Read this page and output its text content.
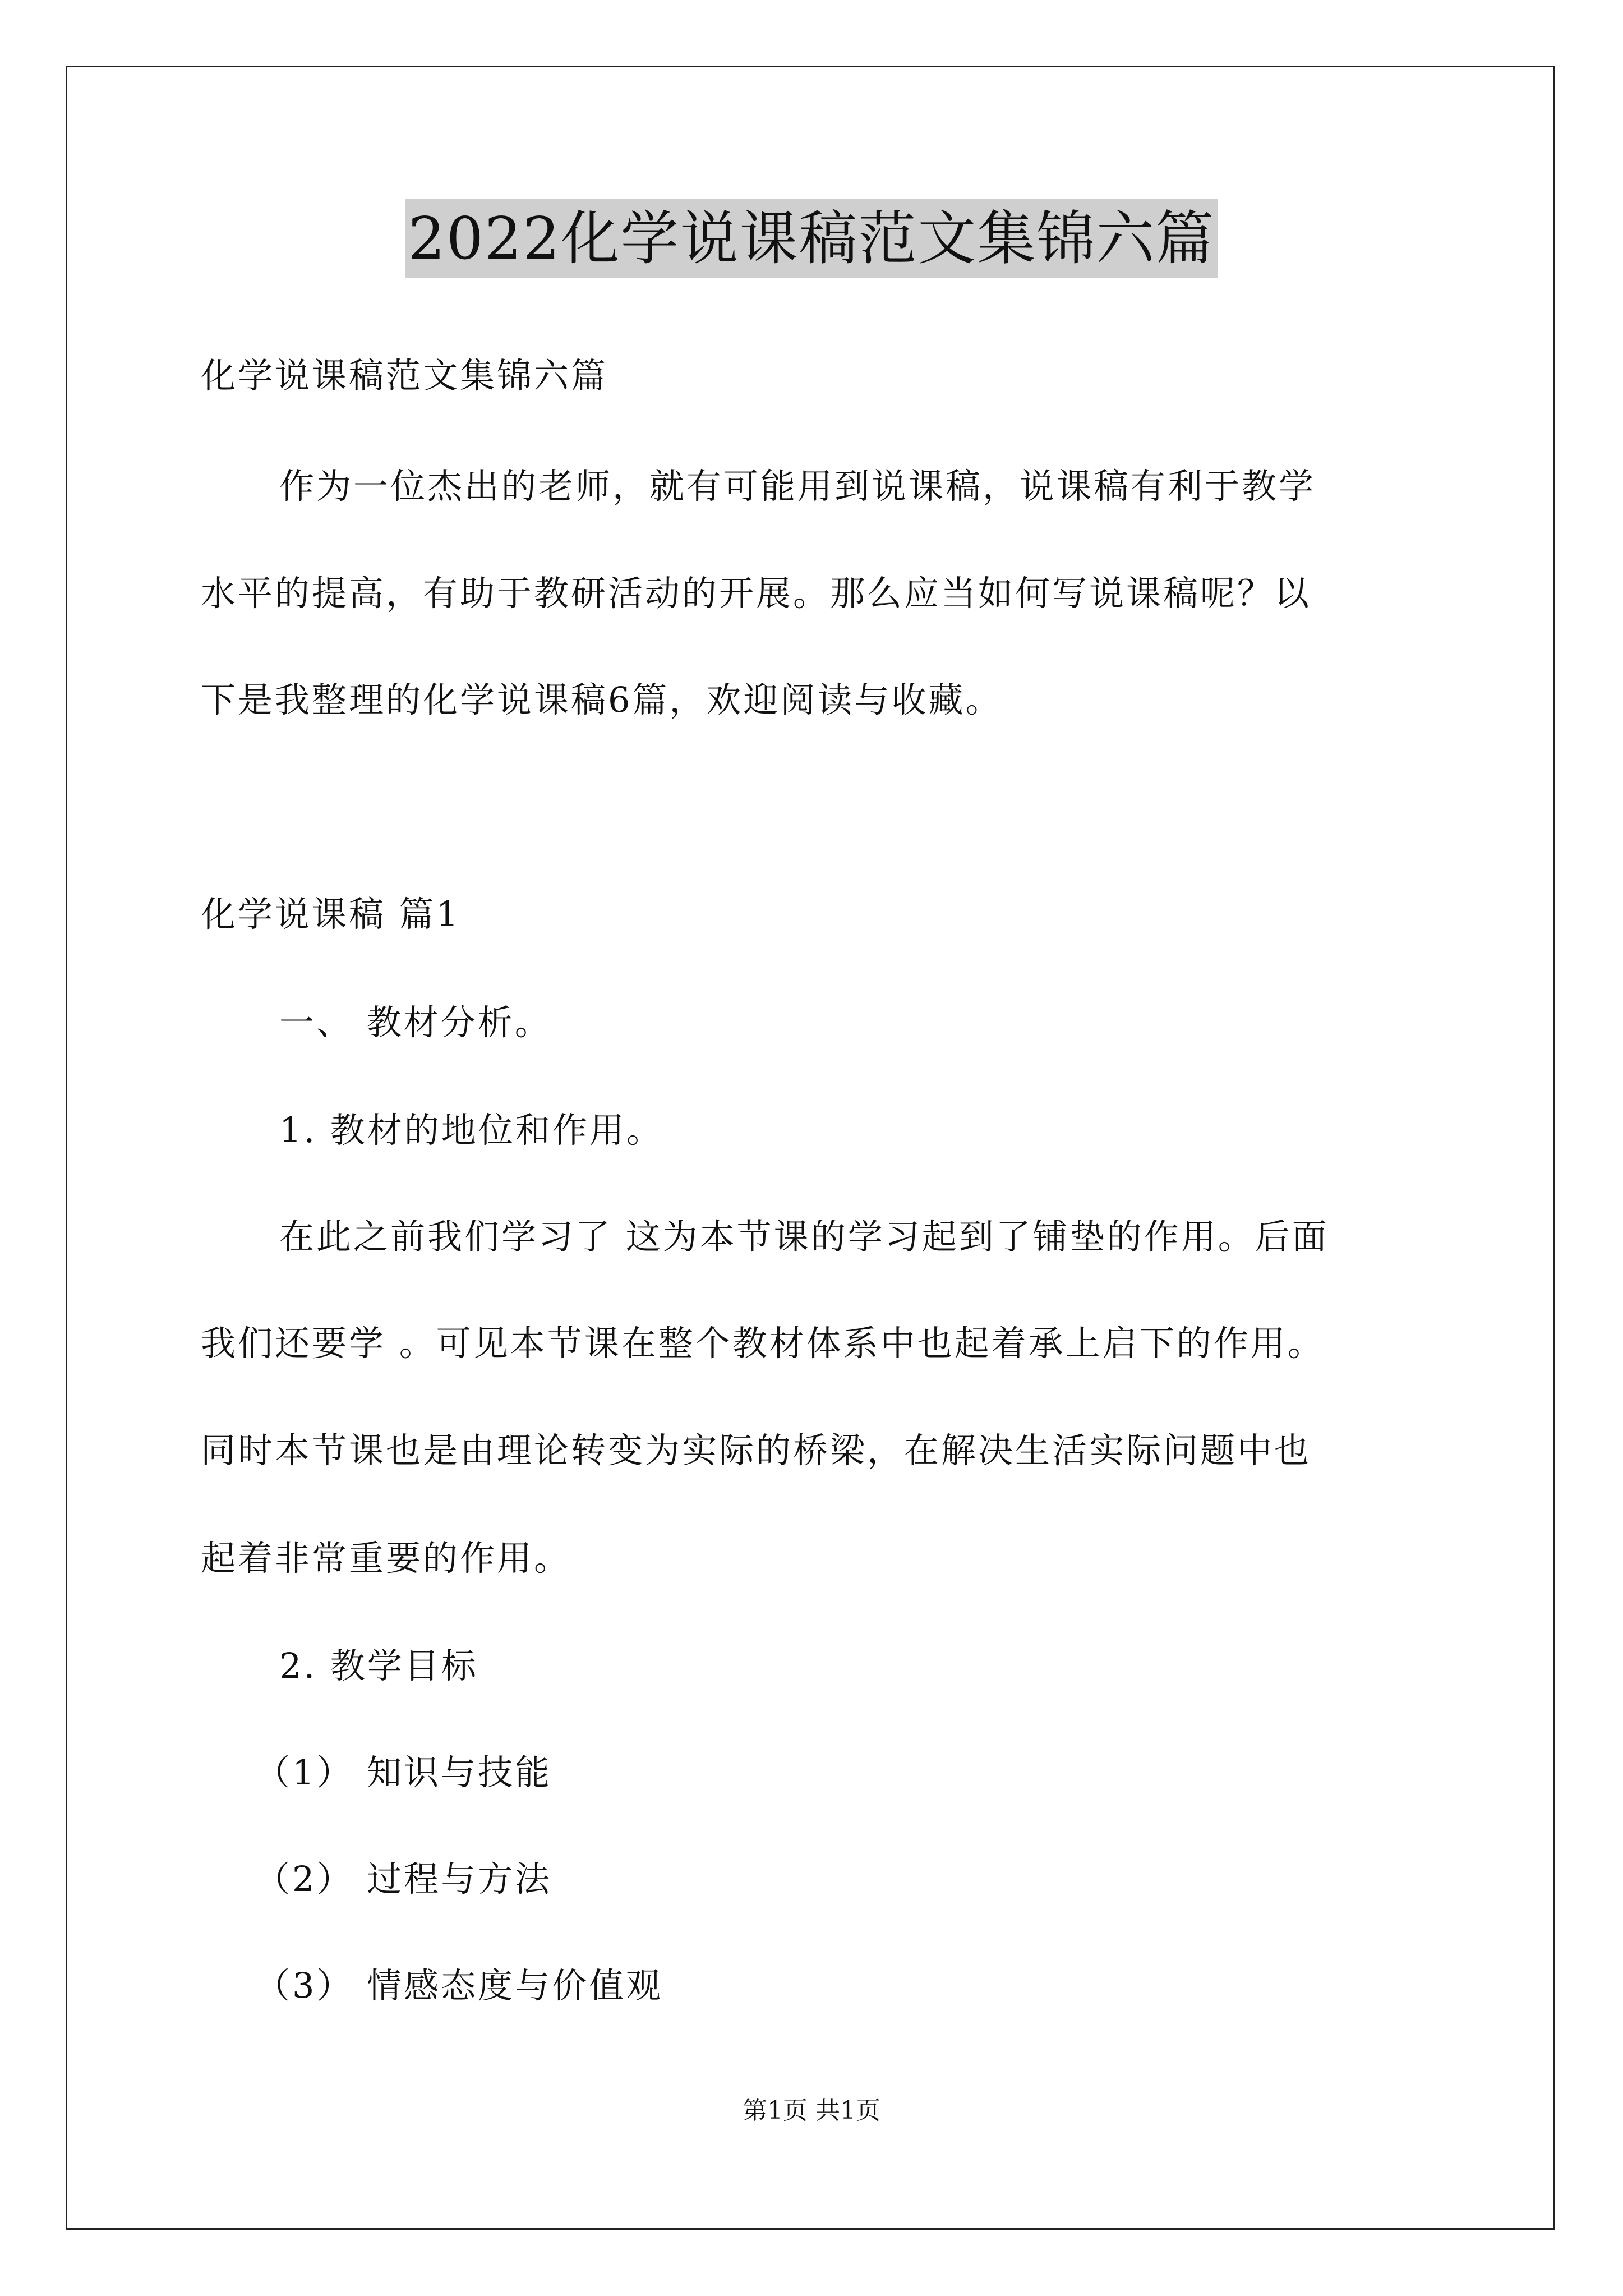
2022化学说课稿范文集锦六篇
化学说课稿范文集锦六篇
作为一位杰出的老师，就有可能用到说课稿，说课稿有利于教学
水平的提高，有助于教研活动的开展。那么应当如何写说课稿呢？以
下是我整理的化学说课稿6篇，欢迎阅读与收藏。
化学说课稿 篇1
一、 教材分析。
1. 教材的地位和作用。
在此之前我们学习了 这为本节课的学习起到了铺垫的作用。后面
我们还要学 。可见本节课在整个教材体系中也起着承上启下的作用。
同时本节课也是由理论转变为实际的桥梁，在解决生活实际问题中也
起着非常重要的作用。
2. 教学目标
（1） 知识与技能
（2） 过程与方法
（3） 情感态度与价值观
第1页 共1页
